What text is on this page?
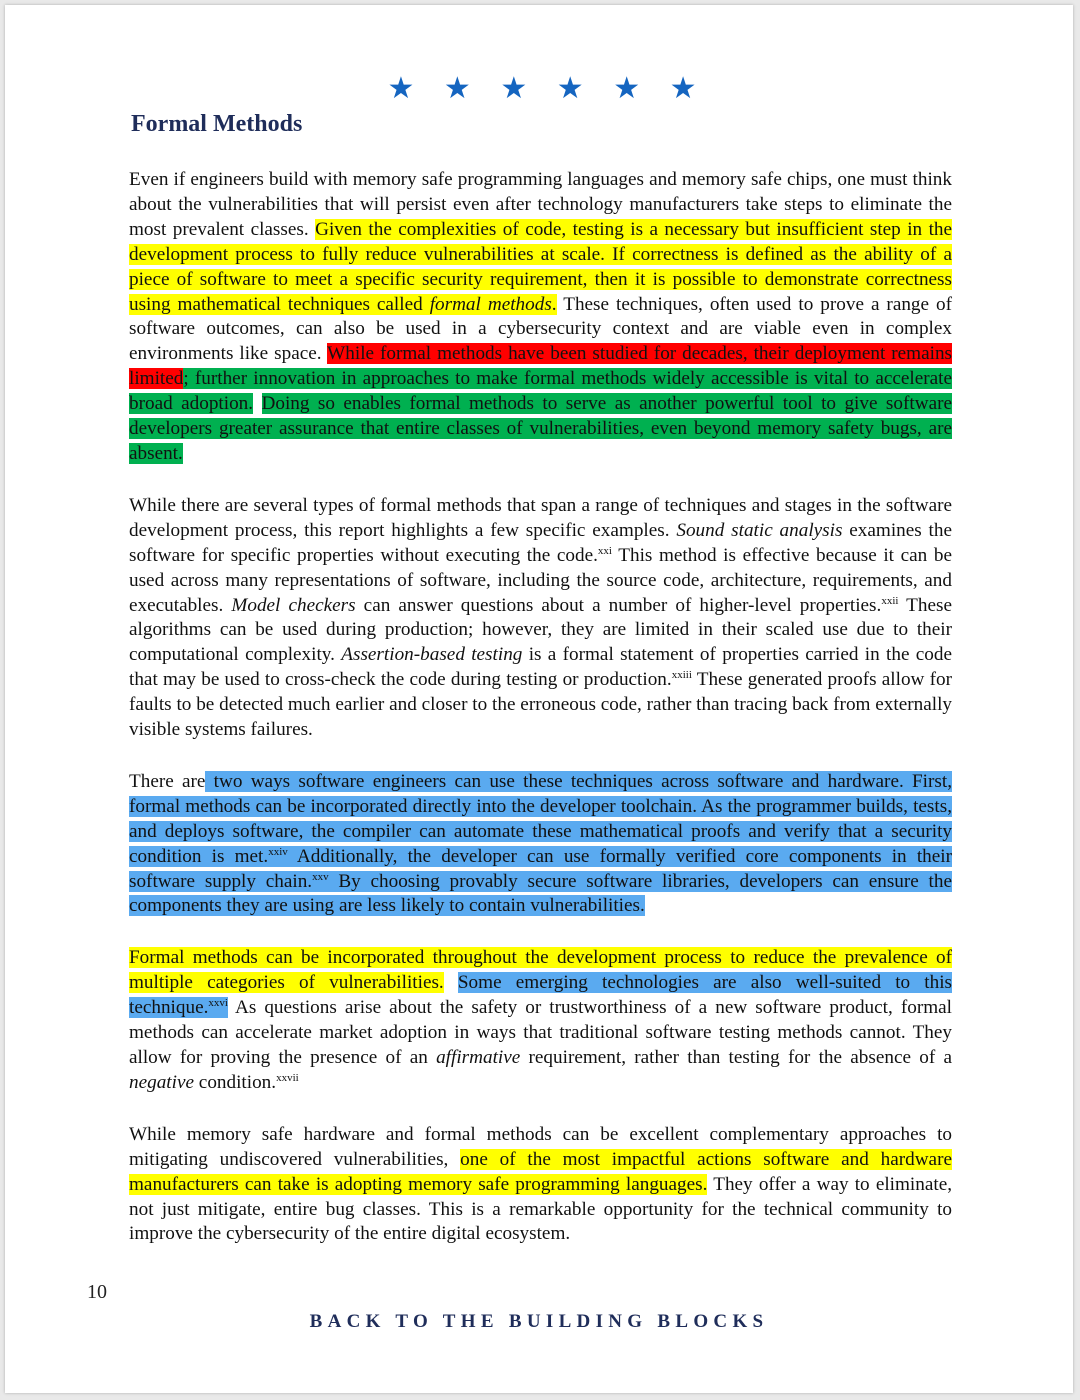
★ ★ ★ ★ ★ ★
Formal Methods

Even if engineers build with memory safe programming languages and memory safe chips, one must think about the vulnerabilities that will persist even after technology manufacturers take steps to eliminate the most prevalent classes. Given the complexities of code, testing is a necessary but insufficient step in the development process to fully reduce vulnerabilities at scale. If correctness is defined as the ability of a piece of software to meet a specific security requirement, then it is possible to demonstrate correctness using mathematical techniques called formal methods. These techniques, often used to prove a range of software outcomes, can also be used in a cybersecurity context and are viable even in complex environments like space. While formal methods have been studied for decades, their deployment remains limited; further innovation in approaches to make formal methods widely accessible is vital to accelerate broad adoption. Doing so enables formal methods to serve as another powerful tool to give software developers greater assurance that entire classes of vulnerabilities, even beyond memory safety bugs, are absent.

While there are several types of formal methods that span a range of techniques and stages in the software development process, this report highlights a few specific examples. Sound static analysis examines the software for specific properties without executing the code.$^{xxi}$ This method is effective because it can be used across many representations of software, including the source code, architecture, requirements, and executables. Model checkers can answer questions about a number of higher-level properties.$^{xxii}$ These algorithms can be used during production; however, they are limited in their scaled use due to their computational complexity. Assertion-based testing is a formal statement of properties carried in the code that may be used to cross-check the code during testing or production.$^{xxiii}$ These generated proofs allow for faults to be detected much earlier and closer to the erroneous code, rather than tracing back from externally visible systems failures.

There are two ways software engineers can use these techniques across software and hardware. First, formal methods can be incorporated directly into the developer toolchain. As the programmer builds, tests, and deploys software, the compiler can automate these mathematical proofs and verify that a security condition is met.$^{xxiv}$ Additionally, the developer can use formally verified core components in their software supply chain.$^{xxv}$ By choosing provably secure software libraries, developers can ensure the components they are using are less likely to contain vulnerabilities.

Formal methods can be incorporated throughout the development process to reduce the prevalence of multiple categories of vulnerabilities. Some emerging technologies are also well-suited to this technique.$^{xxvi}$ As questions arise about the safety or trustworthiness of a new software product, formal methods can accelerate market adoption in ways that traditional software testing methods cannot. They allow for proving the presence of an affirmative requirement, rather than testing for the absence of a negative condition.$^{xxvii}$

While memory safe hardware and formal methods can be excellent complementary approaches to mitigating undiscovered vulnerabilities, one of the most impactful actions software and hardware manufacturers can take is adopting memory safe programming languages. They offer a way to eliminate, not just mitigate, entire bug classes. This is a remarkable opportunity for the technical community to improve the cybersecurity of the entire digital ecosystem.

10
BACK TO THE BUILDING BLOCKS
